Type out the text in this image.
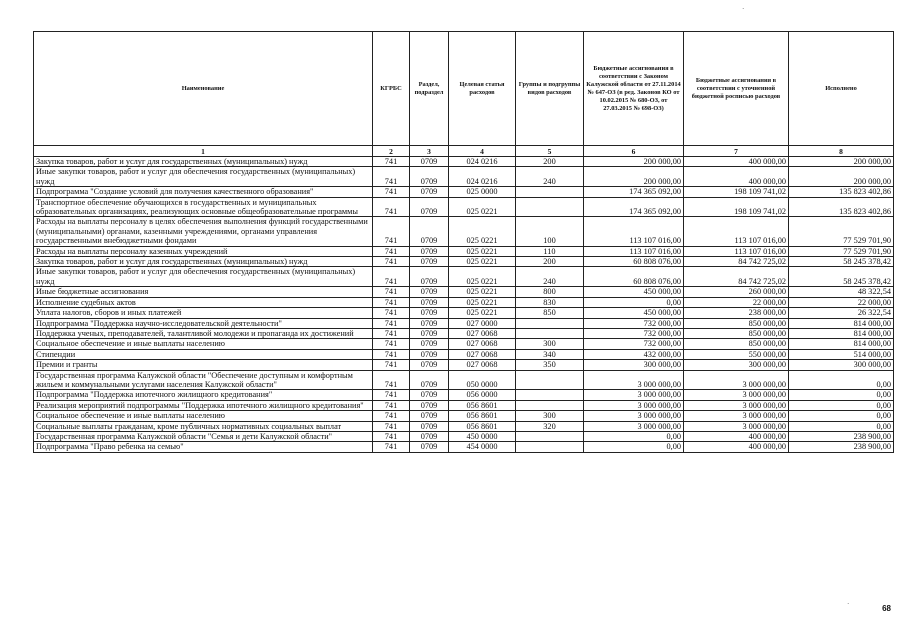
Наименование	КГРБС	Раздел, подраздел	Целевая статья расходов	Группы и подгруппы видов расходов	Бюджетные ассигнования в соответствии с Законом Калужской области от 27.11.2014 № 647-ОЗ (в ред. Законов КО от 10.02.2015 № 680-ОЗ, от 27.03.2015 № 698-ОЗ)	Бюджетные ассигнования в соответствии с уточненной бюджетной росписью расходов	Исполнено
1	2	3	4	5	6	7	8
Закупка товаров, работ и услуг для государственных (муниципальных) нужд	741	0709	024 0216	200	200 000,00	400 000,00	200 000,00
Иные закупки товаров, работ и услуг для обеспечения государственных (муниципальных) нужд	741	0709	024 0216	240	200 000,00	400 000,00	200 000,00
Подпрограмма "Создание условий для получения качественного образования"	741	0709	025 0000		174 365 092,00	198 109 741,02	135 823 402,86
Транспортное обеспечение обучающихся в государственных и муниципальных образовательных организациях, реализующих основные общеобразовательные программы	741	0709	025 0221		174 365 092,00	198 109 741,02	135 823 402,86
Расходы на выплаты персоналу в целях обеспечения выполнения функций государственными (муниципальными) органами, казенными учреждениями, органами управления государственными внебюджетными фондами	741	0709	025 0221	100	113 107 016,00	113 107 016,00	77 529 701,90
Расходы на выплаты персоналу казенных учреждений	741	0709	025 0221	110	113 107 016,00	113 107 016,00	77 529 701,90
Закупка товаров, работ и услуг для государственных (муниципальных) нужд	741	0709	025 0221	200	60 808 076,00	84 742 725,02	58 245 378,42
Иные закупки товаров, работ и услуг для обеспечения государственных (муниципальных) нужд	741	0709	025 0221	240	60 808 076,00	84 742 725,02	58 245 378,42
Иные бюджетные ассигнования	741	0709	025 0221	800	450 000,00	260 000,00	48 322,54
Исполнение судебных актов	741	0709	025 0221	830	0,00	22 000,00	22 000,00
Уплата налогов, сборов и иных платежей	741	0709	025 0221	850	450 000,00	238 000,00	26 322,54
Подпрограмма "Поддержка научно-исследовательской деятельности"	741	0709	027 0000		732 000,00	850 000,00	814 000,00
Поддержка ученых, преподавателей, талантливой молодежи и пропаганда их достижений	741	0709	027 0068		732 000,00	850 000,00	814 000,00
Социальное обеспечение и иные выплаты населению	741	0709	027 0068	300	732 000,00	850 000,00	814 000,00
Стипендии	741	0709	027 0068	340	432 000,00	550 000,00	514 000,00
Премии и гранты	741	0709	027 0068	350	300 000,00	300 000,00	300 000,00
Государственная программа Калужской области "Обеспечение доступным и комфортным жильем и коммунальными услугами населения Калужской области"	741	0709	050 0000		3 000 000,00	3 000 000,00	0,00
Подпрограмма "Поддержка ипотечного жилищного кредитования"	741	0709	056 0000		3 000 000,00	3 000 000,00	0,00
Реализация мероприятий подпрограммы "Поддержка ипотечного жилищного кредитования"	741	0709	056 8601		3 000 000,00	3 000 000,00	0,00
Социальное обеспечение и иные выплаты населению	741	0709	056 8601	300	3 000 000,00	3 000 000,00	0,00
Социальные выплаты гражданам, кроме публичных нормативных социальных выплат	741	0709	056 8601	320	3 000 000,00	3 000 000,00	0,00
Государственная программа Калужской области "Семья и дети Калужской области"	741	0709	450 0000		0,00	400 000,00	238 900,00
Подпрограмма "Право ребенка на семью"	741	0709	454 0000		0,00	400 000,00	238 900,00
68
·
·
